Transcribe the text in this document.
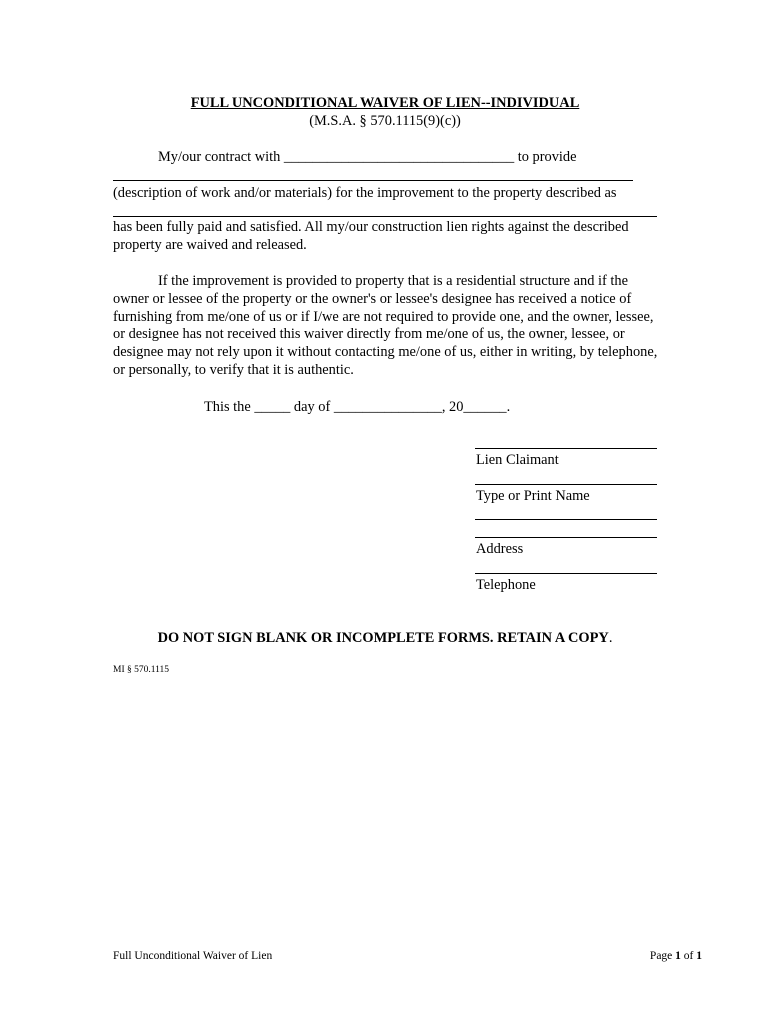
FULL UNCONDITIONAL WAIVER OF LIEN--INDIVIDUAL
(M.S.A. § 570.1115(9)(c))
My/our contract with ________________________________ to provide
(description of work and/or materials) for the improvement to the property described as
has been fully paid and satisfied. All my/our construction lien rights against the described property are waived and released.
If the improvement is provided to property that is a residential structure and if the owner or lessee of the property or the owner's or lessee's designee has received a notice of furnishing from me/one of us or if I/we are not required to provide one, and the owner, lessee, or designee has not received this waiver directly from me/one of us, the owner, lessee, or designee may not rely upon it without contacting me/one of us, either in writing, by telephone, or personally, to verify that it is authentic.
This the _____ day of _______________, 20______.
Lien Claimant
Type or Print Name
Address
Telephone
DO NOT SIGN BLANK OR INCOMPLETE FORMS. RETAIN A COPY.
MI § 570.1115
Full Unconditional Waiver of Lien	Page 1 of 1
